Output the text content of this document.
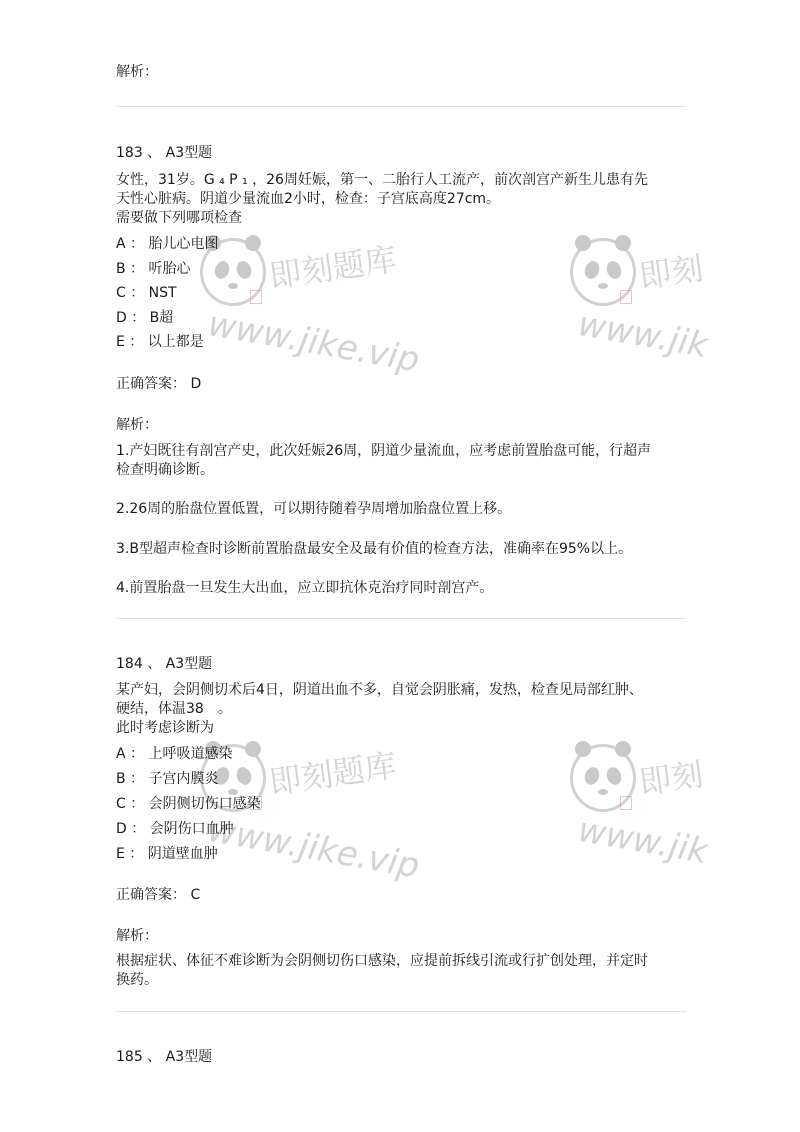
即刻题库
www.jike.vip
即刻题库
www.jike.vip
即刻
www.jik
即刻
www.jik
解析：
183 、 A3型题
女性，31岁。G ₄ P ₁ ，26周妊娠，第一、二胎行人工流产，前次剖宫产新生儿患有先
天性心脏病。阴道少量流血2小时，检查：子宫底高度27cm。
需要做下列哪项检查
A ： 胎儿心电图
B ： 听胎心
C ： NST
D ： B超
E ： 以上都是
正确答案： D
解析：
1.产妇既往有剖宫产史，此次妊娠26周，阴道少量流血，应考虑前置胎盘可能，行超声
检查明确诊断。
2.26周的胎盘位置低置，可以期待随着孕周增加胎盘位置上移。
3.B型超声检查时诊断前置胎盘最安全及最有价值的检查方法，准确率在95%以上。
4.前置胎盘一旦发生大出血，应立即抗休克治疗同时剖宫产。
184 、 A3型题
某产妇，会阴侧切术后4日，阴道出血不多，自觉会阴胀痛，发热，检查见局部红肿、
硬结，体温38　。
此时考虑诊断为
A ： 上呼吸道感染
B ： 子宫内膜炎
C ： 会阴侧切伤口感染
D ： 会阴伤口血肿
E ： 阴道壁血肿
正确答案： C
解析：
根据症状、体征不难诊断为会阴侧切伤口感染，应提前拆线引流或行扩创处理，并定时
换药。
185 、 A3型题
